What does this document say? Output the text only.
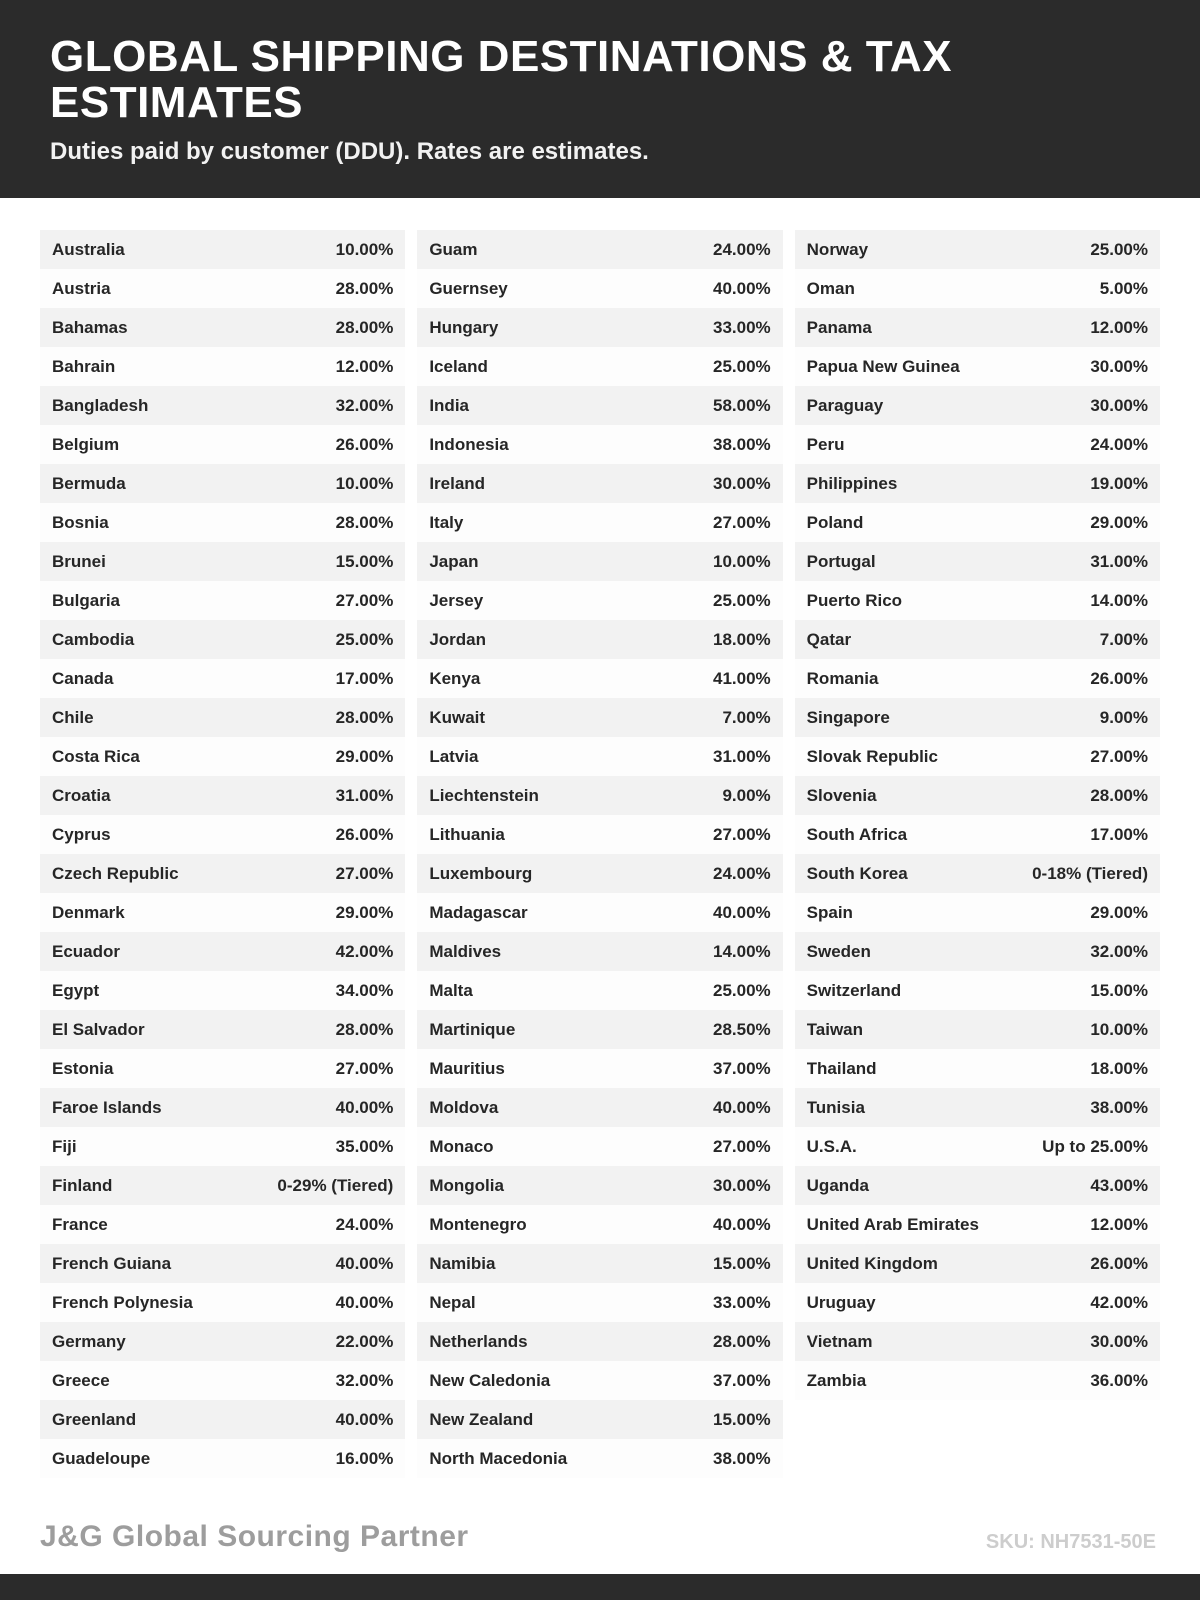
GLOBAL SHIPPING DESTINATIONS & TAX ESTIMATES
Duties paid by customer (DDU). Rates are estimates.
Australia	10.00%
Austria	28.00%
Bahamas	28.00%
Bahrain	12.00%
Bangladesh	32.00%
Belgium	26.00%
Bermuda	10.00%
Bosnia	28.00%
Brunei	15.00%
Bulgaria	27.00%
Cambodia	25.00%
Canada	17.00%
Chile	28.00%
Costa Rica	29.00%
Croatia	31.00%
Cyprus	26.00%
Czech Republic	27.00%
Denmark	29.00%
Ecuador	42.00%
Egypt	34.00%
El Salvador	28.00%
Estonia	27.00%
Faroe Islands	40.00%
Fiji	35.00%
Finland	0-29% (Tiered)
France	24.00%
French Guiana	40.00%
French Polynesia	40.00%
Germany	22.00%
Greece	32.00%
Greenland	40.00%
Guadeloupe	16.00%
Guam	24.00%
Guernsey	40.00%
Hungary	33.00%
Iceland	25.00%
India	58.00%
Indonesia	38.00%
Ireland	30.00%
Italy	27.00%
Japan	10.00%
Jersey	25.00%
Jordan	18.00%
Kenya	41.00%
Kuwait	7.00%
Latvia	31.00%
Liechtenstein	9.00%
Lithuania	27.00%
Luxembourg	24.00%
Madagascar	40.00%
Maldives	14.00%
Malta	25.00%
Martinique	28.50%
Mauritius	37.00%
Moldova	40.00%
Monaco	27.00%
Mongolia	30.00%
Montenegro	40.00%
Namibia	15.00%
Nepal	33.00%
Netherlands	28.00%
New Caledonia	37.00%
New Zealand	15.00%
North Macedonia	38.00%
Norway	25.00%
Oman	5.00%
Panama	12.00%
Papua New Guinea	30.00%
Paraguay	30.00%
Peru	24.00%
Philippines	19.00%
Poland	29.00%
Portugal	31.00%
Puerto Rico	14.00%
Qatar	7.00%
Romania	26.00%
Singapore	9.00%
Slovak Republic	27.00%
Slovenia	28.00%
South Africa	17.00%
South Korea	0-18% (Tiered)
Spain	29.00%
Sweden	32.00%
Switzerland	15.00%
Taiwan	10.00%
Thailand	18.00%
Tunisia	38.00%
U.S.A.	Up to 25.00%
Uganda	43.00%
United Arab Emirates	12.00%
United Kingdom	26.00%
Uruguay	42.00%
Vietnam	30.00%
Zambia	36.00%
J&G Global Sourcing Partner	SKU: NH7531-50E
